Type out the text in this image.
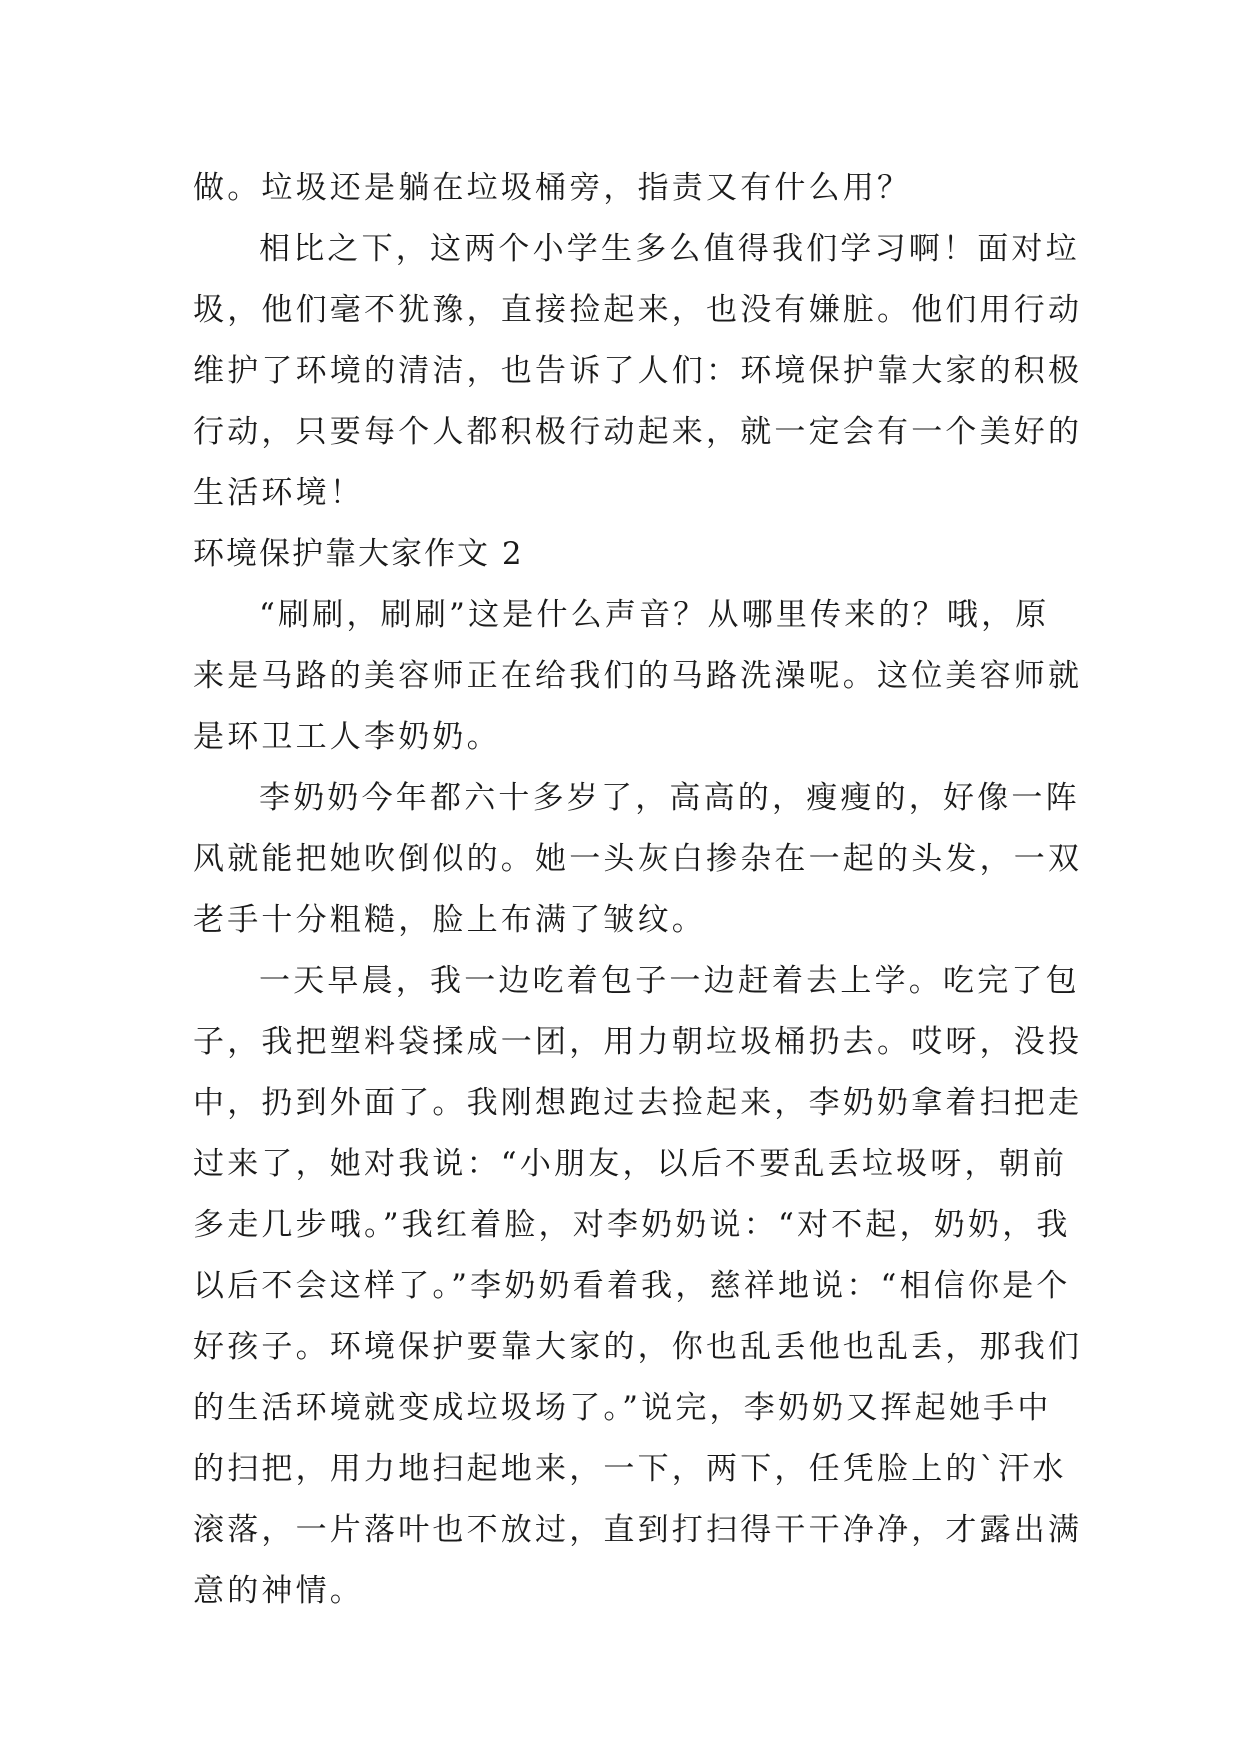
做。垃圾还是躺在垃圾桶旁，指责又有什么用？
相比之下，这两个小学生多么值得我们学习啊！面对垃
圾，他们毫不犹豫，直接捡起来，也没有嫌脏。他们用行动
维护了环境的清洁，也告诉了人们：环境保护靠大家的积极
行动，只要每个人都积极行动起来，就一定会有一个美好的
生活环境！
环境保护靠大家作文 2
“刷刷，刷刷”这是什么声音？从哪里传来的？哦，原
来是马路的美容师正在给我们的马路洗澡呢。这位美容师就
是环卫工人李奶奶。
李奶奶今年都六十多岁了，高高的，瘦瘦的，好像一阵
风就能把她吹倒似的。她一头灰白掺杂在一起的头发，一双
老手十分粗糙，脸上布满了皱纹。
一天早晨，我一边吃着包子一边赶着去上学。吃完了包
子，我把塑料袋揉成一团，用力朝垃圾桶扔去。哎呀，没投
中，扔到外面了。我刚想跑过去捡起来，李奶奶拿着扫把走
过来了，她对我说：“小朋友，以后不要乱丢垃圾呀，朝前
多走几步哦。”我红着脸，对李奶奶说：“对不起，奶奶，我
以后不会这样了。”李奶奶看着我，慈祥地说：“相信你是个
好孩子。环境保护要靠大家的，你也乱丢他也乱丢，那我们
的生活环境就变成垃圾场了。”说完，李奶奶又挥起她手中
的扫把，用力地扫起地来，一下，两下，任凭脸上的`汗水
滚落，一片落叶也不放过，直到打扫得干干净净，才露出满
意的神情。
